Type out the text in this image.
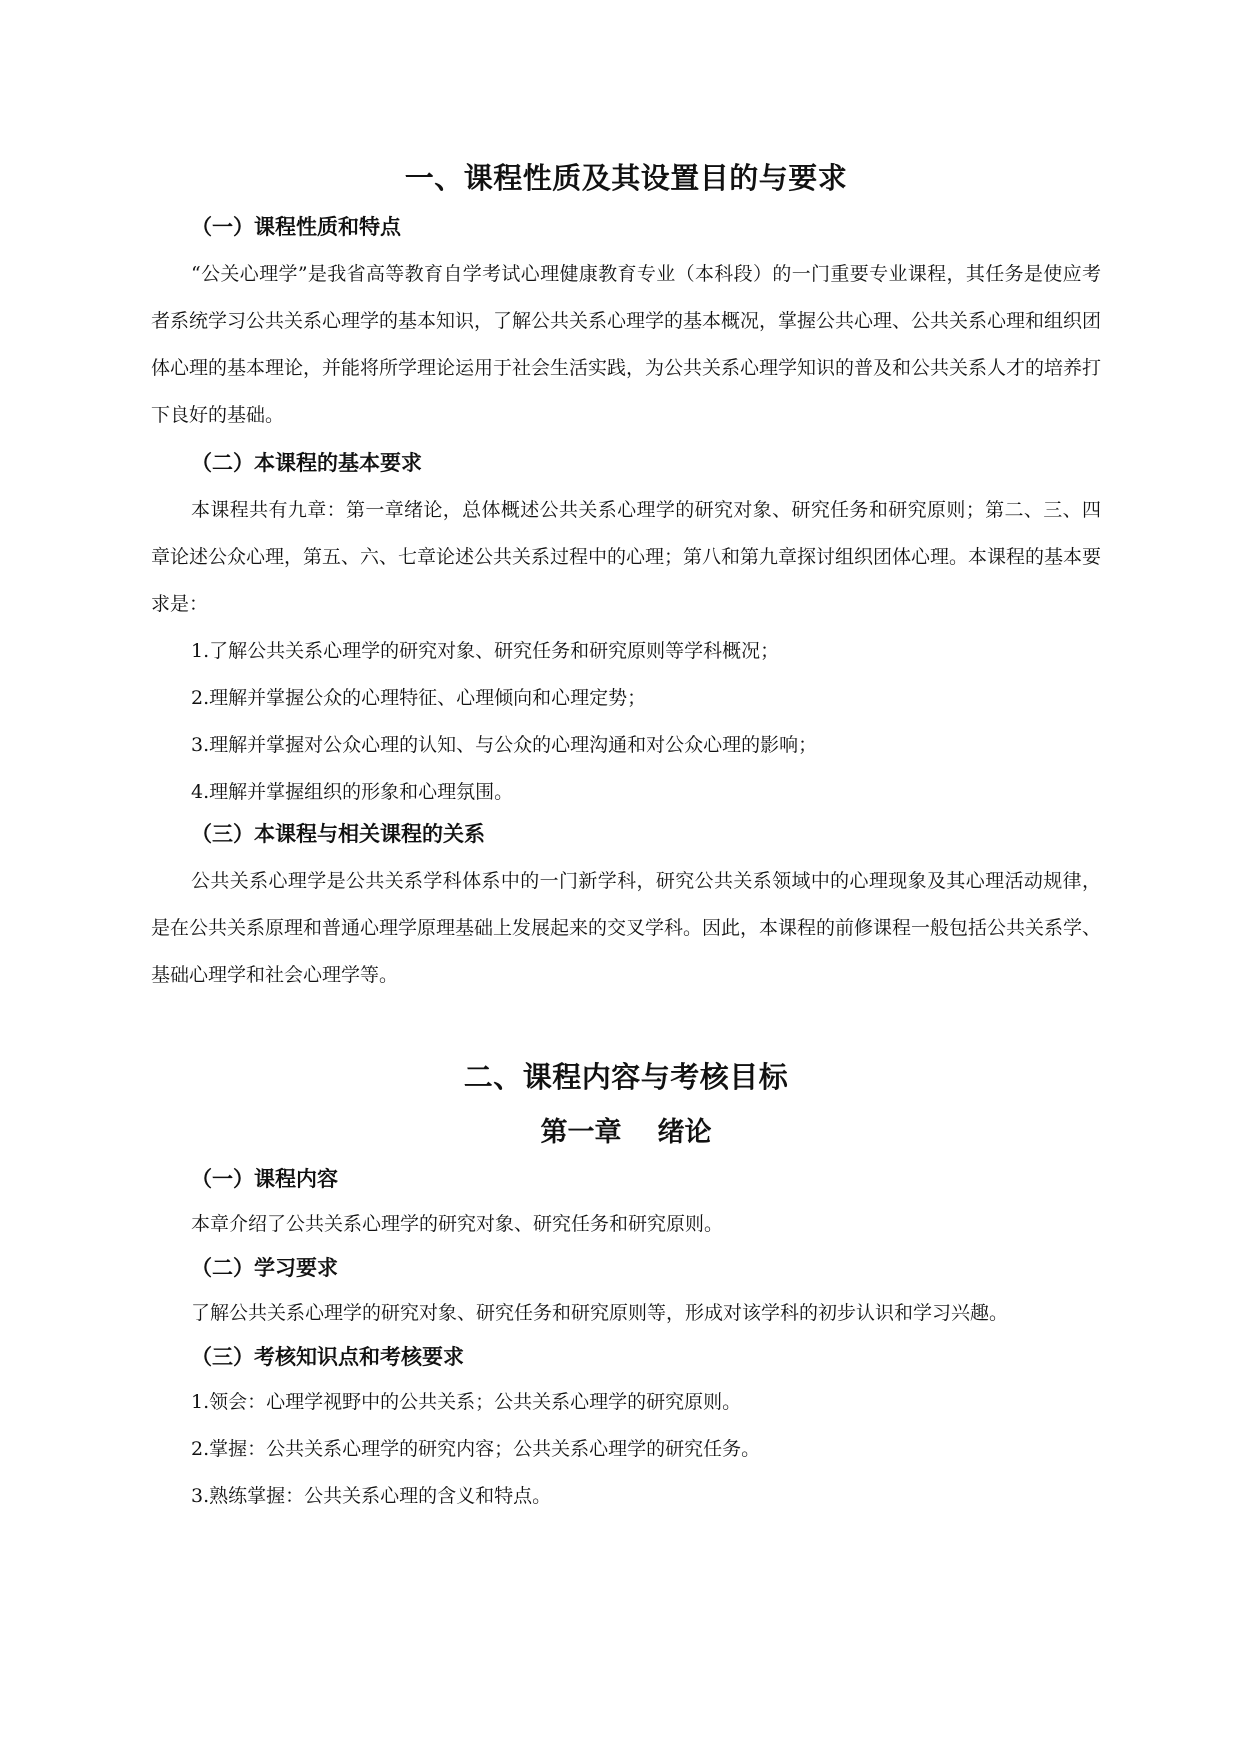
一、课程性质及其设置目的与要求
（一）课程性质和特点

“公关心理学”是我省高等教育自学考试心理健康教育专业（本科段）的一门重要专业课程，其任务是使应考者系统学习公共关系心理学的基本知识，了解公共关系心理学的基本概况，掌握公共心理、公共关系心理和组织团体心理的基本理论，并能将所学理论运用于社会生活实践，为公共关系心理学知识的普及和公共关系人才的培养打下良好的基础。

（二）本课程的基本要求

本课程共有九章：第一章绪论，总体概述公共关系心理学的研究对象、研究任务和研究原则；第二、三、四章论述公众心理，第五、六、七章论述公共关系过程中的心理；第八和第九章探讨组织团体心理。本课程的基本要求是：

1.了解公共关系心理学的研究对象、研究任务和研究原则等学科概况；

2.理解并掌握公众的心理特征、心理倾向和心理定势；

3.理解并掌握对公众心理的认知、与公众的心理沟通和对公众心理的影响；

4.理解并掌握组织的形象和心理氛围。

（三）本课程与相关课程的关系

公共关系心理学是公共关系学科体系中的一门新学科，研究公共关系领域中的心理现象及其心理活动规律，是在公共关系原理和普通心理学原理基础上发展起来的交叉学科。因此，本课程的前修课程一般包括公共关系学、基础心理学和社会心理学等。

二、课程内容与考核目标
第一章 绪论
（一）课程内容

本章介绍了公共关系心理学的研究对象、研究任务和研究原则。

（二）学习要求

了解公共关系心理学的研究对象、研究任务和研究原则等，形成对该学科的初步认识和学习兴趣。

（三）考核知识点和考核要求

1.领会：心理学视野中的公共关系；公共关系心理学的研究原则。

2.掌握：公共关系心理学的研究内容；公共关系心理学的研究任务。

3.熟练掌握：公共关系心理的含义和特点。
